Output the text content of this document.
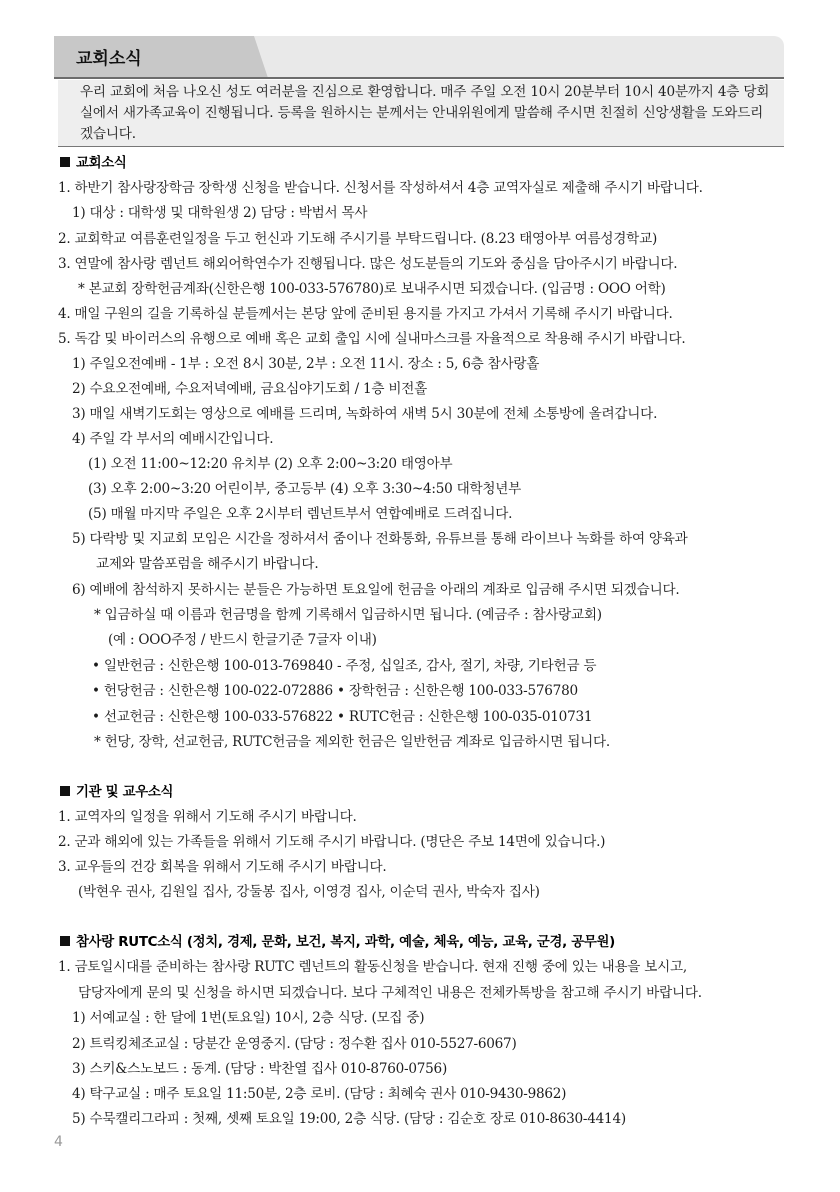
교회소식
우리 교회에 처음 나오신 성도 여러분을 진심으로 환영합니다. 매주 주일 오전 10시 20분부터 10시 40분까지 4층 당회실에서 새가족교육이 진행됩니다. 등록을 원하시는 분께서는 안내위원에게 말씀해 주시면 친절히 신앙생활을 도와드리겠습니다.
교회소식
1. 하반기 참사랑장학금 장학생 신청을 받습니다. 신청서를 작성하셔서 4층 교역자실로 제출해 주시기 바랍니다.
1) 대상 : 대학생 및 대학원생 2) 담당 : 박범서 목사
2. 교회학교 여름훈련일정을 두고 헌신과 기도해 주시기를 부탁드립니다. (8.23 태영아부 여름성경학교)
3. 연말에 참사랑 렘넌트 해외어학연수가 진행됩니다. 많은 성도분들의 기도와 중심을 담아주시기 바랍니다.
* 본교회 장학헌금계좌(신한은행 100-033-576780)로 보내주시면 되겠습니다. (입금명 : OOO 어학)
4. 매일 구원의 길을 기록하실 분들께서는 본당 앞에 준비된 용지를 가지고 가셔서 기록해 주시기 바랍니다.
5. 독감 및 바이러스의 유행으로 예배 혹은 교회 출입 시에 실내마스크를 자율적으로 착용해 주시기 바랍니다.
1) 주일오전예배 - 1부 : 오전 8시 30분, 2부 : 오전 11시. 장소 : 5, 6층 참사랑홀
2) 수요오전예배, 수요저녁예배, 금요심야기도회 / 1층 비전홀
3) 매일 새벽기도회는 영상으로 예배를 드리며, 녹화하여 새벽 5시 30분에 전체 소통방에 올려갑니다.
4) 주일 각 부서의 예배시간입니다.
(1) 오전 11:00~12:20 유치부 (2) 오후 2:00~3:20 태영아부
(3) 오후 2:00~3:20 어린이부, 중고등부 (4) 오후 3:30~4:50 대학청년부
(5) 매월 마지막 주일은 오후 2시부터 렘넌트부서 연합예배로 드려집니다.
5) 다락방 및 지교회 모임은 시간을 정하셔서 줌이나 전화통화, 유튜브를 통해 라이브나 녹화를 하여 양육과
교제와 말씀포럼을 해주시기 바랍니다.
6) 예배에 참석하지 못하시는 분들은 가능하면 토요일에 헌금을 아래의 계좌로 입금해 주시면 되겠습니다.
* 입금하실 때 이름과 헌금명을 함께 기록해서 입금하시면 됩니다. (예금주 : 참사랑교회)
(예 : OOO주정 / 반드시 한글기준 7글자 이내)
• 일반헌금 : 신한은행 100-013-769840 - 주정, 십일조, 감사, 절기, 차량, 기타헌금 등
• 헌당헌금 : 신한은행 100-022-072886 • 장학헌금 : 신한은행 100-033-576780
• 선교헌금 : 신한은행 100-033-576822 • RUTC헌금 : 신한은행 100-035-010731
* 헌당, 장학, 선교헌금, RUTC헌금을 제외한 헌금은 일반헌금 계좌로 입금하시면 됩니다.
기관 및 교우소식
1. 교역자의 일정을 위해서 기도해 주시기 바랍니다.
2. 군과 해외에 있는 가족들을 위해서 기도해 주시기 바랍니다. (명단은 주보 14면에 있습니다.)
3. 교우들의 건강 회복을 위해서 기도해 주시기 바랍니다.
(박현우 권사, 김원일 집사, 강둘봉 집사, 이영경 집사, 이순덕 권사, 박숙자 집사)
참사랑 RUTC소식 (정치, 경제, 문화, 보건, 복지, 과학, 예술, 체육, 예능, 교육, 군경, 공무원)
1. 금토일시대를 준비하는 참사랑 RUTC 렘넌트의 활동신청을 받습니다. 현재 진행 중에 있는 내용을 보시고,
담당자에게 문의 및 신청을 하시면 되겠습니다. 보다 구체적인 내용은 전체카톡방을 참고해 주시기 바랍니다.
1) 서예교실 : 한 달에 1번(토요일) 10시, 2층 식당. (모집 중)
2) 트릭킹체조교실 : 당분간 운영중지. (담당 : 정수환 집사 010-5527-6067)
3) 스키&스노보드 : 동계. (담당 : 박찬열 집사 010-8760-0756)
4) 탁구교실 : 매주 토요일 11:50분, 2층 로비. (담당 : 최혜숙 권사 010-9430-9862)
5) 수묵캘리그라피 : 첫째, 셋째 토요일 19:00, 2층 식당. (담당 : 김순호 장로 010-8630-4414)
4
